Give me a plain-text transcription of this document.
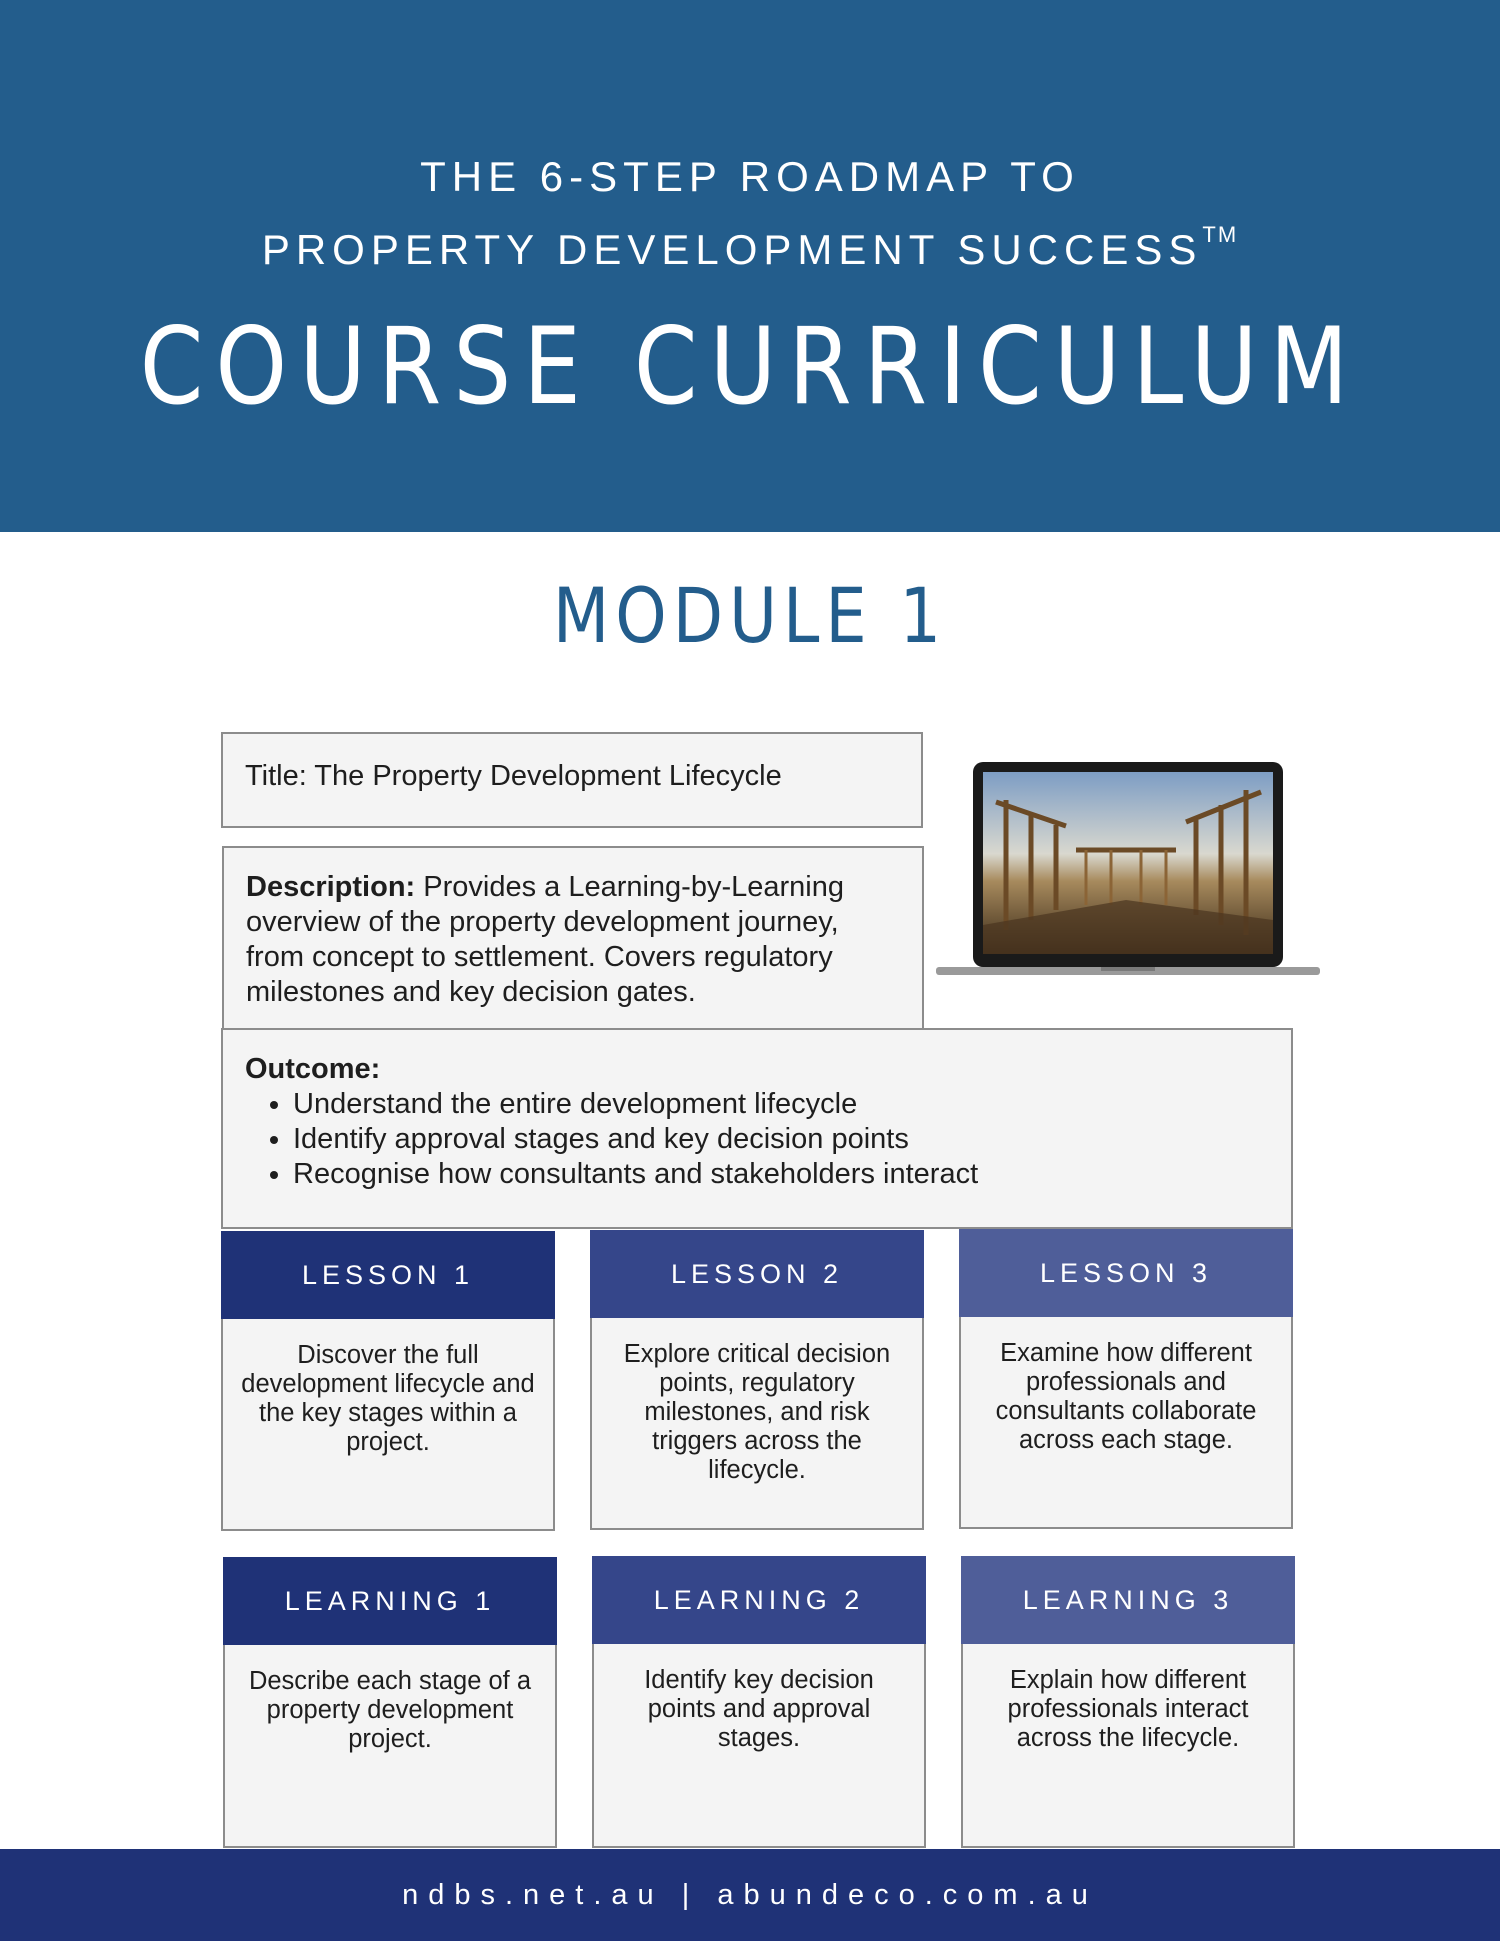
THE 6-STEP ROADMAP TO
PROPERTY DEVELOPMENT SUCCESS™
COURSE CURRICULUM
MODULE 1
Title: The Property Development Lifecycle
Description: Provides a Learning-by-Learning overview of the property development journey, from concept to settlement. Covers regulatory milestones and key decision gates.
Outcome:
• Understand the entire development lifecycle
• Identify approval stages and key decision points
• Recognise how consultants and stakeholders interact
LESSON 1
Discover the full development lifecycle and the key stages within a project.
LESSON 2
Explore critical decision points, regulatory milestones, and risk triggers across the lifecycle.
LESSON 3
Examine how different professionals and consultants collaborate across each stage.
LEARNING 1
Describe each stage of a property development project.
LEARNING 2
Identify key decision points and approval stages.
LEARNING 3
Explain how different professionals interact across the lifecycle.
ndbs.net.au | abundeco.com.au
